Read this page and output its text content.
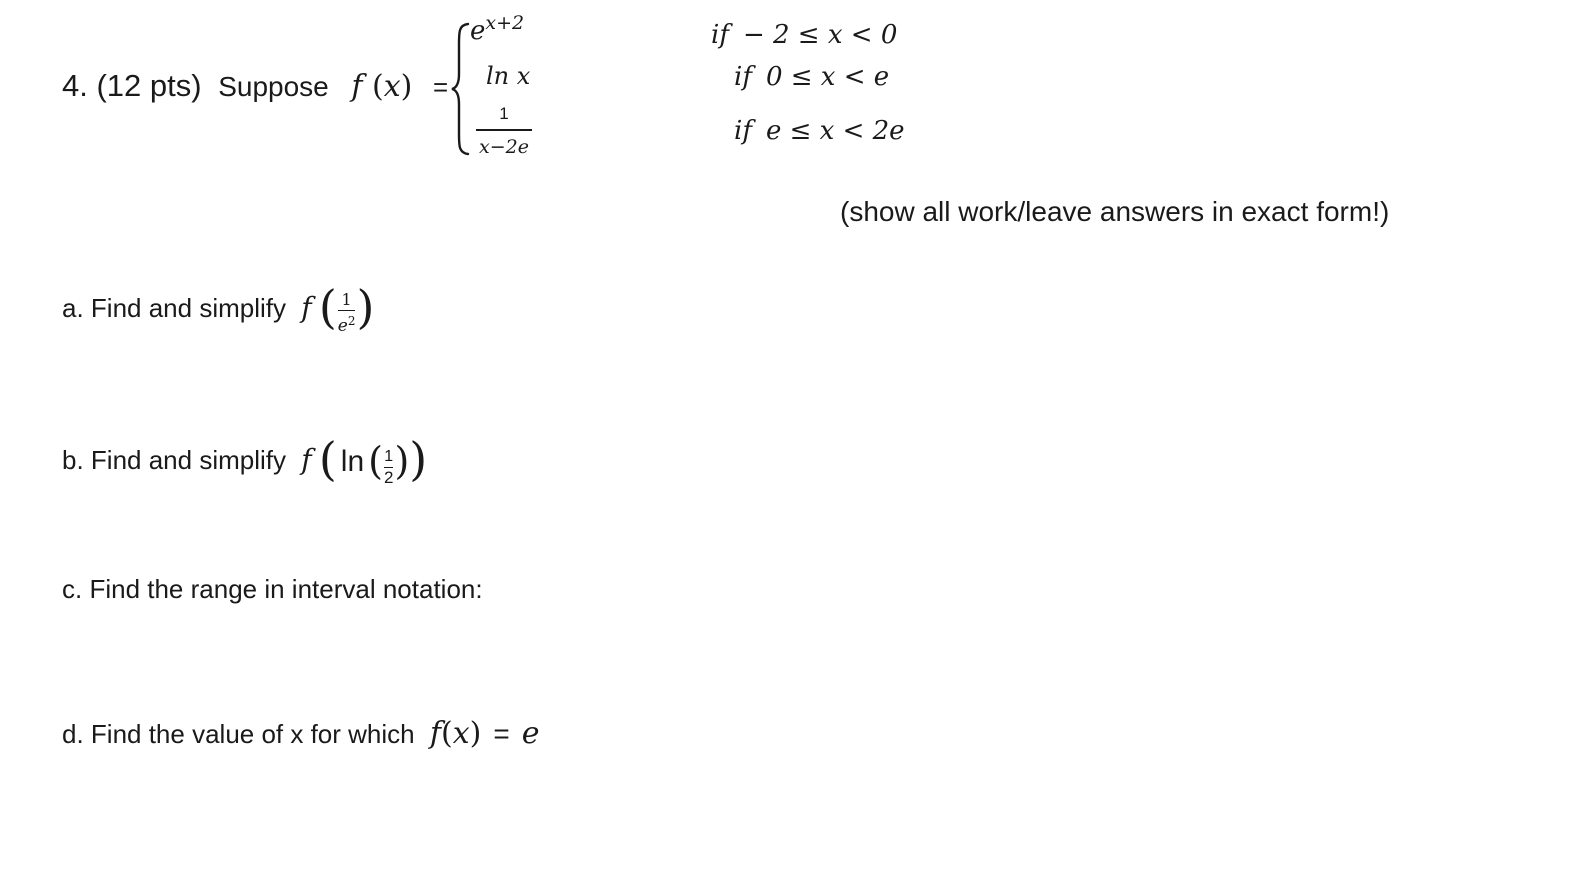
4. (12 pts) Suppose f (x) =
$e^{x+2}$	if − 2 ≤ x < 0
ln x	if 0 ≤ x < e
1
x−2e
if e ≤ x < 2e
(show all work/leave answers in exact form!)
a. Find and simplify f ( $\frac{1}{e^2}$ )
b. Find and simplify f ( ln ( $\frac{1}{2}$ ))
c. Find the range in interval notation:
d. Find the value of x for which f(x) = e
